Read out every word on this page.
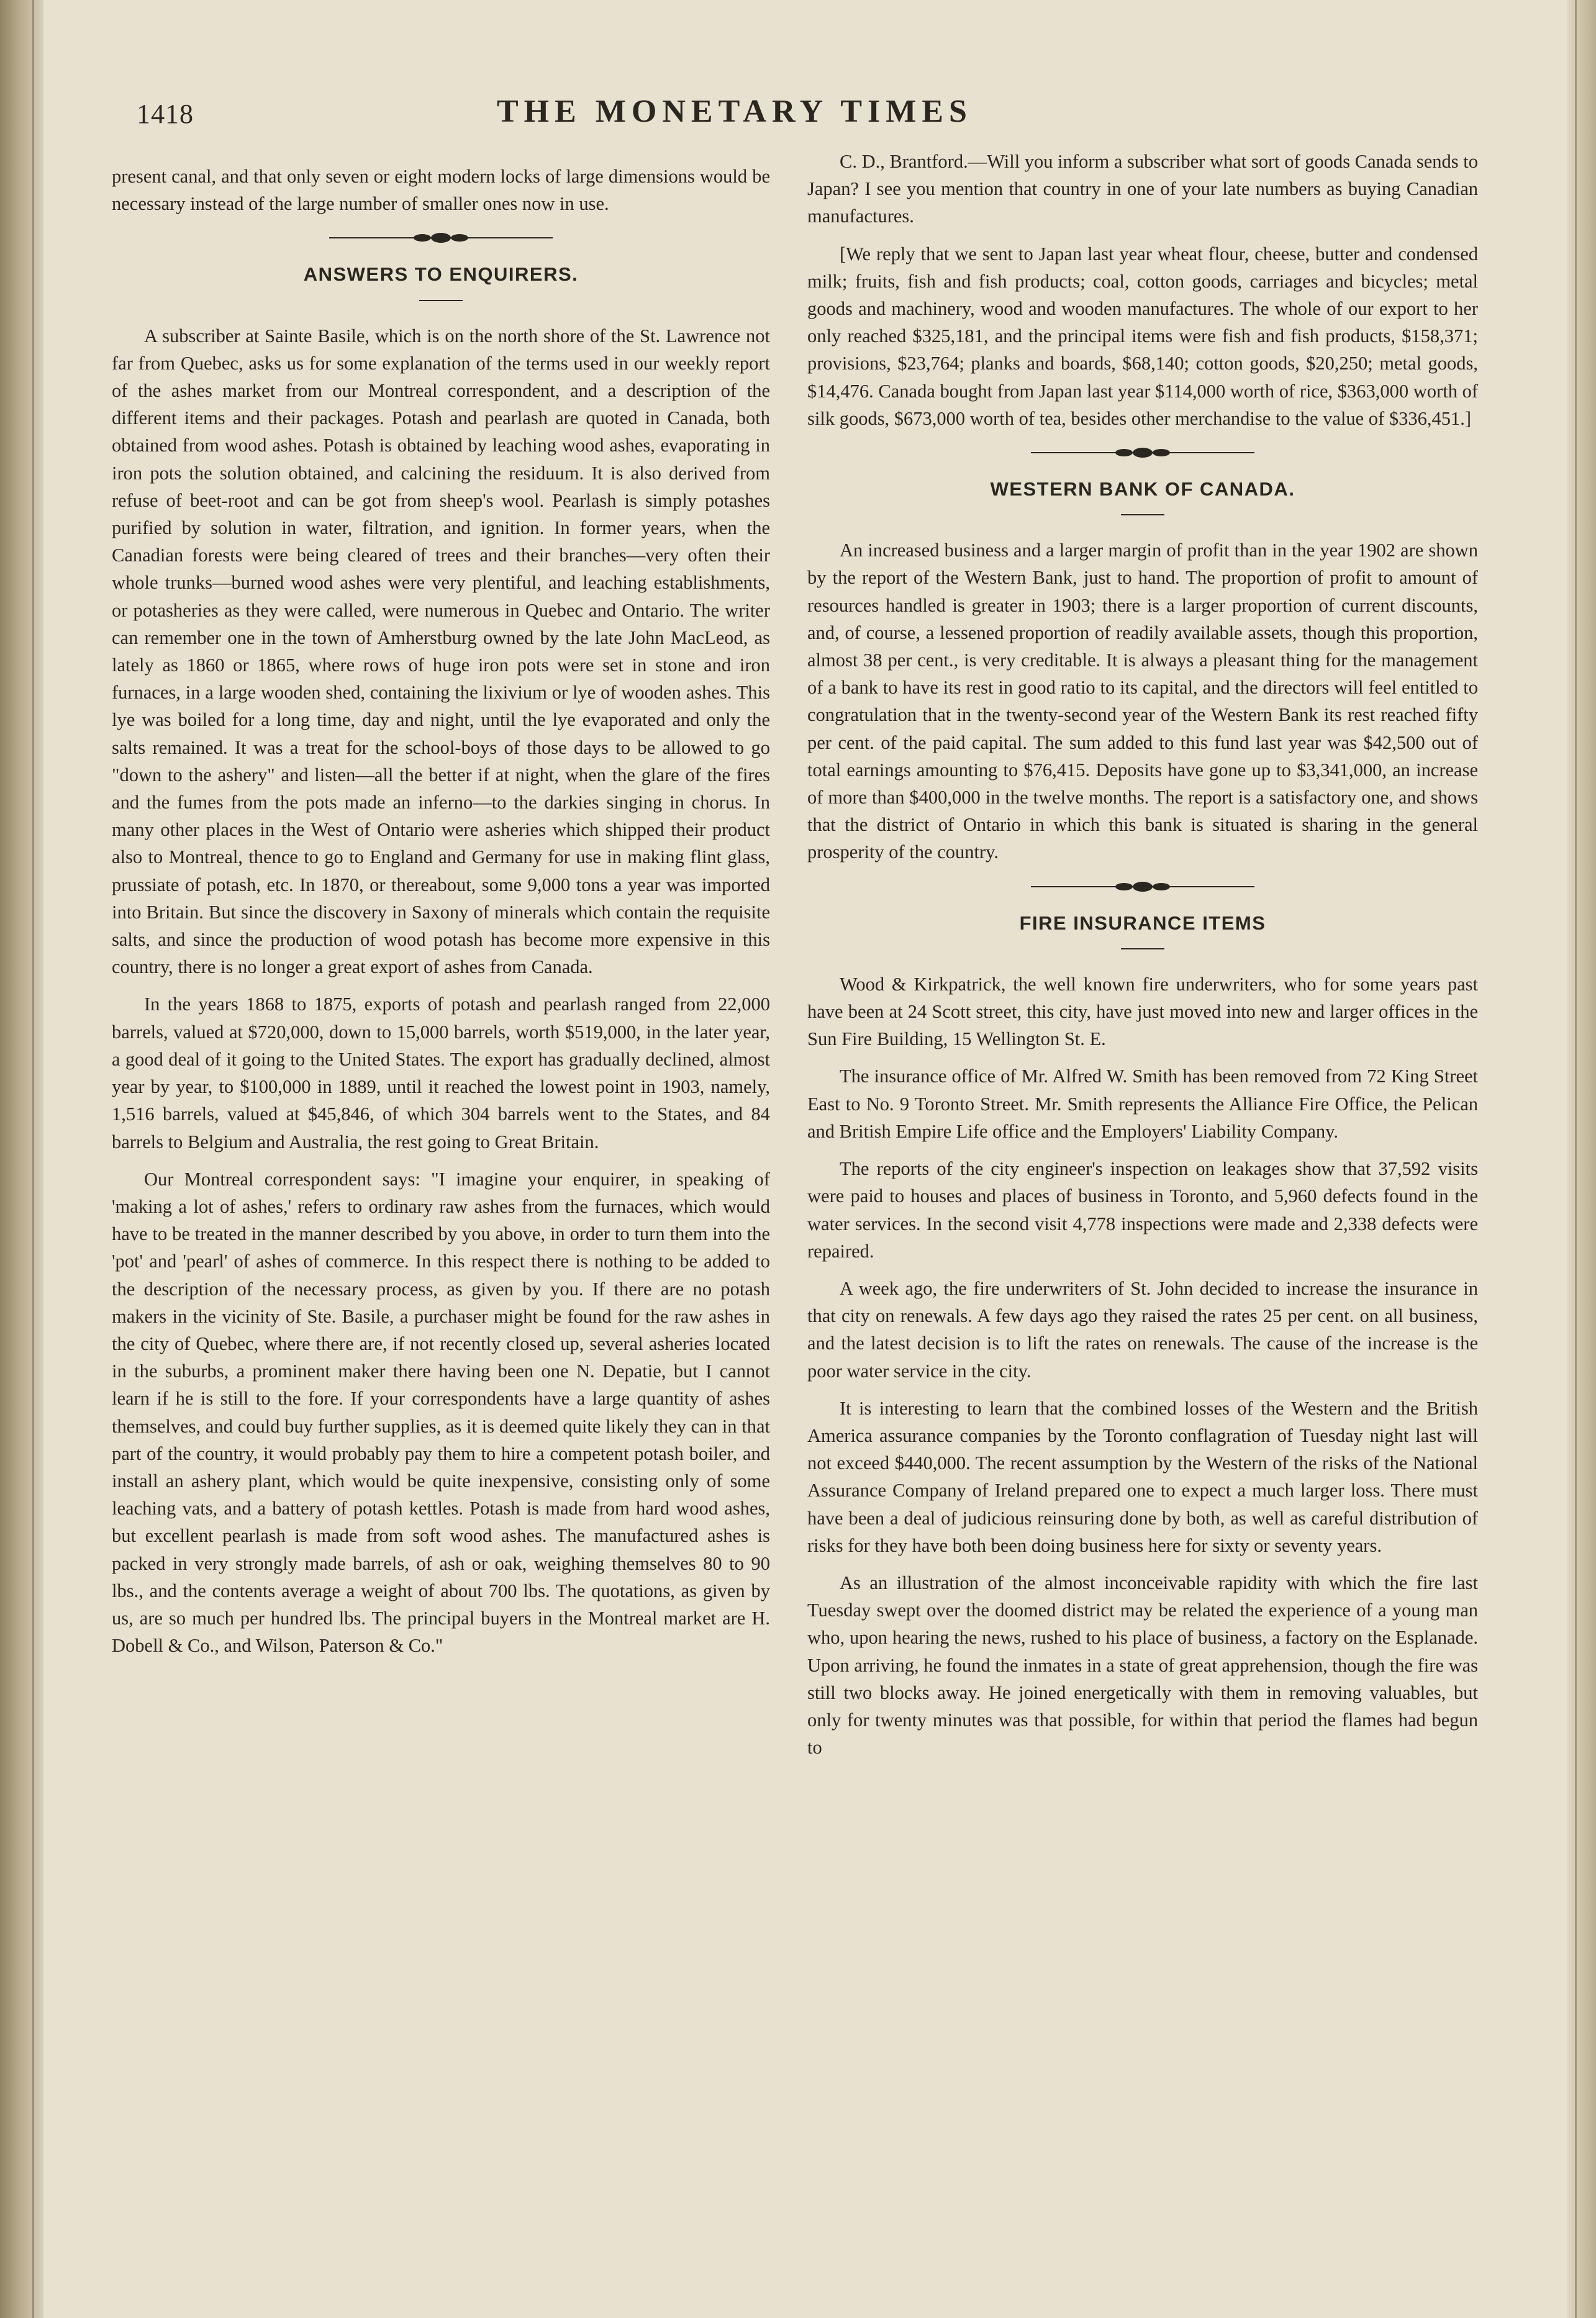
1418	THE MONETARY TIMES

present canal, and that only seven or eight modern locks of large dimensions would be necessary instead of the large number of smaller ones now in use.

ANSWERS TO ENQUIRERS.

A subscriber at Sainte Basile, which is on the north shore of the St. Lawrence not far from Quebec, asks us for some explanation of the terms used in our weekly report of the ashes market from our Montreal correspondent, and a description of the different items and their packages. Potash and pearlash are quoted in Canada, both obtained from wood ashes. Potash is obtained by leaching wood ashes, evaporating in iron pots the solution obtained, and calcining the residuum. It is also derived from refuse of beet-root and can be got from sheep's wool. Pearlash is simply potashes purified by solution in water, filtration, and ignition. In former years, when the Canadian forests were being cleared of trees and their branches—very often their whole trunks—burned wood ashes were very plentiful, and leaching establishments, or potasheries as they were called, were numerous in Quebec and Ontario. The writer can remember one in the town of Amherstburg owned by the late John MacLeod, as lately as 1860 or 1865, where rows of huge iron pots were set in stone and iron furnaces, in a large wooden shed, containing the lixivium or lye of wooden ashes. This lye was boiled for a long time, day and night, until the lye evaporated and only the salts remained. It was a treat for the school-boys of those days to be allowed to go "down to the ashery" and listen—all the better if at night, when the glare of the fires and the fumes from the pots made an inferno—to the darkies singing in chorus. In many other places in the West of Ontario were asheries which shipped their product also to Montreal, thence to go to England and Germany for use in making flint glass, prussiate of potash, etc. In 1870, or thereabout, some 9,000 tons a year was imported into Britain. But since the discovery in Saxony of minerals which contain the requisite salts, and since the production of wood potash has become more expensive in this country, there is no longer a great export of ashes from Canada.

In the years 1868 to 1875, exports of potash and pearlash ranged from 22,000 barrels, valued at $720,000, down to 15,000 barrels, worth $519,000, in the later year, a good deal of it going to the United States. The export has gradually declined, almost year by year, to $100,000 in 1889, until it reached the lowest point in 1903, namely, 1,516 barrels, valued at $45,846, of which 304 barrels went to the States, and 84 barrels to Belgium and Australia, the rest going to Great Britain.

Our Montreal correspondent says: "I imagine your enquirer, in speaking of 'making a lot of ashes,' refers to ordinary raw ashes from the furnaces, which would have to be treated in the manner described by you above, in order to turn them into the 'pot' and 'pearl' of ashes of commerce. In this respect there is nothing to be added to the description of the necessary process, as given by you. If there are no potash makers in the vicinity of Ste. Basile, a purchaser might be found for the raw ashes in the city of Quebec, where there are, if not recently closed up, several asheries located in the suburbs, a prominent maker there having been one N. Depatie, but I cannot learn if he is still to the fore. If your correspondents have a large quantity of ashes themselves, and could buy further supplies, as it is deemed quite likely they can in that part of the country, it would probably pay them to hire a competent potash boiler, and install an ashery plant, which would be quite inexpensive, consisting only of some leaching vats, and a battery of potash kettles. Potash is made from hard wood ashes, but excellent pearlash is made from soft wood ashes. The manufactured ashes is packed in very strongly made barrels, of ash or oak, weighing themselves 80 to 90 lbs., and the contents average a weight of about 700 lbs. The quotations, as given by us, are so much per hundred lbs. The principal buyers in the Montreal market are H. Dobell & Co., and Wilson, Paterson & Co."

C. D., Brantford.—Will you inform a subscriber what sort of goods Canada sends to Japan? I see you mention that country in one of your late numbers as buying Canadian manufactures.

[We reply that we sent to Japan last year wheat flour, cheese, butter and condensed milk; fruits, fish and fish products; coal, cotton goods, carriages and bicycles; metal goods and machinery, wood and wooden manufactures. The whole of our export to her only reached $325,181, and the principal items were fish and fish products, $158,371; provisions, $23,764; planks and boards, $68,140; cotton goods, $20,250; metal goods, $14,476. Canada bought from Japan last year $114,000 worth of rice, $363,000 worth of silk goods, $673,000 worth of tea, besides other merchandise to the value of $336,451.]

WESTERN BANK OF CANADA.

An increased business and a larger margin of profit than in the year 1902 are shown by the report of the Western Bank, just to hand. The proportion of profit to amount of resources handled is greater in 1903; there is a larger proportion of current discounts, and, of course, a lessened proportion of readily available assets, though this proportion, almost 38 per cent., is very creditable. It is always a pleasant thing for the management of a bank to have its rest in good ratio to its capital, and the directors will feel entitled to congratulation that in the twenty-second year of the Western Bank its rest reached fifty per cent. of the paid capital. The sum added to this fund last year was $42,500 out of total earnings amounting to $76,415. Deposits have gone up to $3,341,000, an increase of more than $400,000 in the twelve months. The report is a satisfactory one, and shows that the district of Ontario in which this bank is situated is sharing in the general prosperity of the country.

FIRE INSURANCE ITEMS

Wood & Kirkpatrick, the well known fire underwriters, who for some years past have been at 24 Scott street, this city, have just moved into new and larger offices in the Sun Fire Building, 15 Wellington St. E.

The insurance office of Mr. Alfred W. Smith has been removed from 72 King Street East to No. 9 Toronto Street. Mr. Smith represents the Alliance Fire Office, the Pelican and British Empire Life office and the Employers' Liability Company.

The reports of the city engineer's inspection on leakages show that 37,592 visits were paid to houses and places of business in Toronto, and 5,960 defects found in the water services. In the second visit 4,778 inspections were made and 2,338 defects were repaired.

A week ago, the fire underwriters of St. John decided to increase the insurance in that city on renewals. A few days ago they raised the rates 25 per cent. on all business, and the latest decision is to lift the rates on renewals. The cause of the increase is the poor water service in the city.

It is interesting to learn that the combined losses of the Western and the British America assurance companies by the Toronto conflagration of Tuesday night last will not exceed $440,000. The recent assumption by the Western of the risks of the National Assurance Company of Ireland prepared one to expect a much larger loss. There must have been a deal of judicious reinsuring done by both, as well as careful distribution of risks for they have both been doing business here for sixty or seventy years.

As an illustration of the almost inconceivable rapidity with which the fire last Tuesday swept over the doomed district may be related the experience of a young man who, upon hearing the news, rushed to his place of business, a factory on the Esplanade. Upon arriving, he found the inmates in a state of great apprehension, though the fire was still two blocks away. He joined energetically with them in removing valuables, but only for twenty minutes was that possible, for within that period the flames had begun to
